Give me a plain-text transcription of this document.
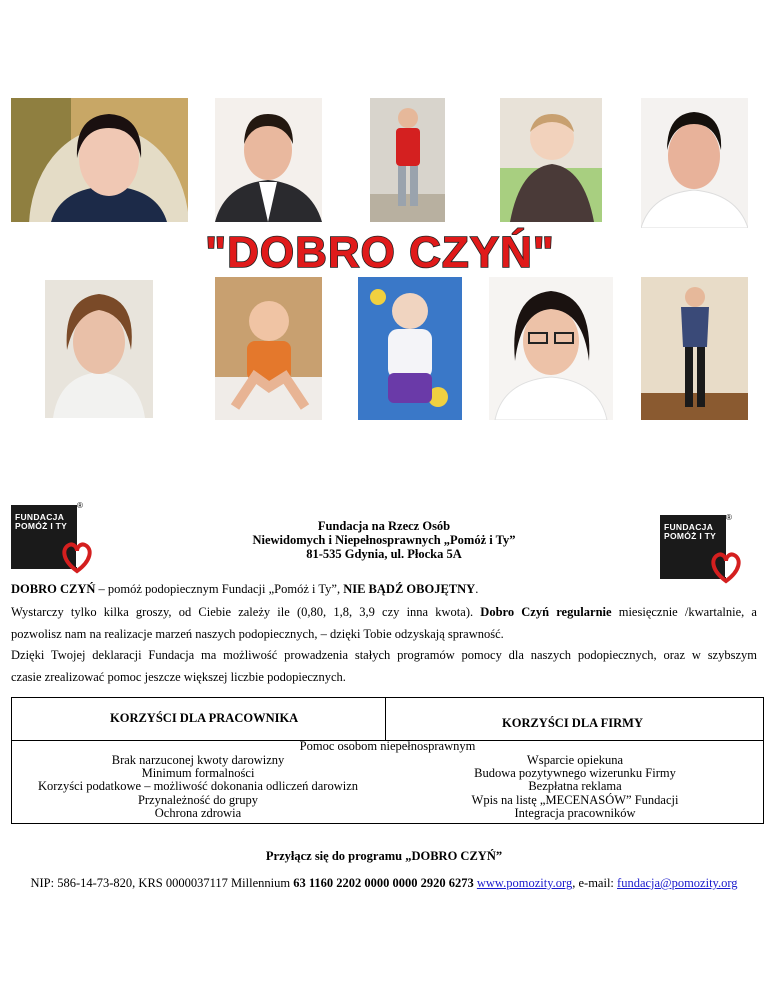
"DOBRO CZYŃ"
FUNDACJA
POMÓŻ I TY
®
FUNDACJA
POMÓŻ I TY
®
Fundacja na Rzecz Osób
Niewidomych i Niepełnosprawnych „Pomóż i Ty”
81-535 Gdynia, ul. Płocka 5A
DOBRO CZYŃ – pomóż podopiecznym Fundacji „Pomóż i Ty”, NIE BĄDŹ OBOJĘTNY.
Wystarczy tylko kilka groszy, od Ciebie zależy ile (0,80, 1,8, 3,9 czy inna kwota). Dobro Czyń regularnie miesięcznie /kwartalnie, a
pozwolisz nam na realizacje marzeń naszych podopiecznych, – dzięki Tobie odzyskają sprawność.
Dzięki Twojej deklaracji Fundacja ma możliwość prowadzenia stałych programów pomocy dla naszych podopiecznych, oraz w szybszym
czasie zrealizować pomoc jeszcze większej liczbie podopiecznych.
KORZYŚCI DLA PRACOWNIKA	KORZYŚCI DLA FIRMY
Pomoc osobom niepełnosprawnym
Brak narzuconej kwoty darowizny
Minimum formalności
Korzyści podatkowe – możliwość dokonania odliczeń darowizn
Przynależność do grupy
Ochrona zdrowia
Wsparcie opiekuna
Budowa pozytywnego wizerunku Firmy
Bezpłatna reklama
Wpis na listę „MECENASÓW” Fundacji
Integracja pracowników
Przyłącz się do programu „DOBRO CZYŃ”
NIP: 586-14-73-820, KRS 0000037117 Millennium 63 1160 2202 0000 0000 2920 6273 www.pomozity.org, e-mail: fundacja@pomozity.org
